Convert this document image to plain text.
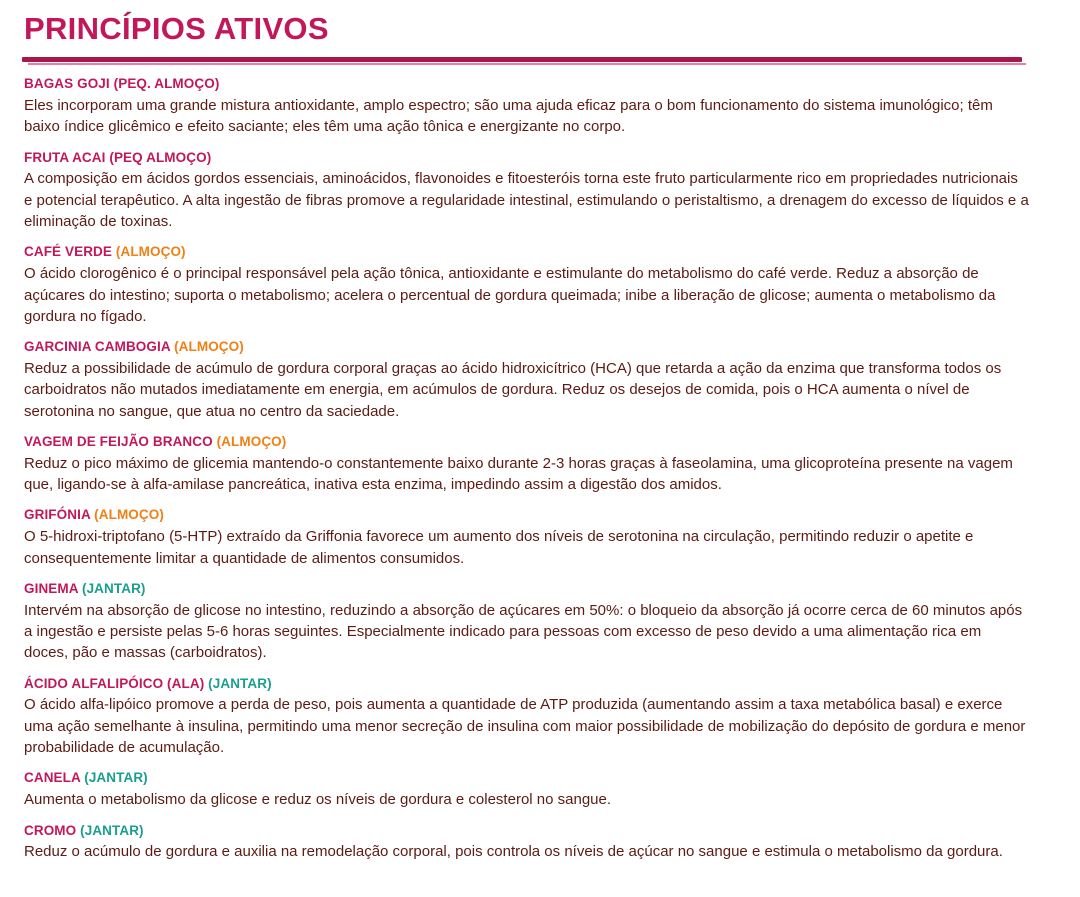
PRINCÍPIOS ATIVOS
BAGAS GOJI (PEQ. ALMOÇO)

Eles incorporam uma grande mistura antioxidante, amplo espectro; são uma ajuda eficaz para o bom funcionamento do sistema imunológico; têm baixo índice glicêmico e efeito saciante; eles têm uma ação tônica e energizante no corpo.

FRUTA ACAI (PEQ ALMOÇO)

A composição em ácidos gordos essenciais, aminoácidos, flavonoides e fitoesteróis torna este fruto particularmente rico em propriedades nutricionais e potencial terapêutico. A alta ingestão de fibras promove a regularidade intestinal, estimulando o peristaltismo, a drenagem do excesso de líquidos e a eliminação de toxinas.

CAFÉ VERDE (ALMOÇO)

O ácido clorogênico é o principal responsável pela ação tônica, antioxidante e estimulante do metabolismo do café verde. Reduz a absorção de açúcares do intestino; suporta o metabolismo; acelera o percentual de gordura queimada; inibe a liberação de glicose; aumenta o metabolismo da gordura no fígado.

GARCINIA CAMBOGIA (ALMOÇO)

Reduz a possibilidade de acúmulo de gordura corporal graças ao ácido hidroxicítrico (HCA) que retarda a ação da enzima que transforma todos os carboidratos não mutados imediatamente em energia, em acúmulos de gordura. Reduz os desejos de comida, pois o HCA aumenta o nível de serotonina no sangue, que atua no centro da saciedade.

VAGEM DE FEIJÃO BRANCO (ALMOÇO)

Reduz o pico máximo de glicemia mantendo-o constantemente baixo durante 2-3 horas graças à faseolamina, uma glicoproteína presente na vagem que, ligando-se à alfa-amilase pancreática, inativa esta enzima, impedindo assim a digestão dos amidos.

GRIFÓNIA (ALMOÇO)

O 5-hidroxi-triptofano (5-HTP) extraído da Griffonia favorece um aumento dos níveis de serotonina na circulação, permitindo reduzir o apetite e consequentemente limitar a quantidade de alimentos consumidos.

GINEMA (JANTAR)

Intervém na absorção de glicose no intestino, reduzindo a absorção de açúcares em 50%: o bloqueio da absorção já ocorre cerca de 60 minutos após a ingestão e persiste pelas 5-6 horas seguintes. Especialmente indicado para pessoas com excesso de peso devido a uma alimentação rica em doces, pão e massas (carboidratos).

ÁCIDO ALFALIPÓICO (ALA) (JANTAR)

O ácido alfa-lipóico promove a perda de peso, pois aumenta a quantidade de ATP produzida (aumentando assim a taxa metabólica basal) e exerce uma ação semelhante à insulina, permitindo uma menor secreção de insulina com maior possibilidade de mobilização do depósito de gordura e menor probabilidade de acumulação.

CANELA (JANTAR)

Aumenta o metabolismo da glicose e reduz os níveis de gordura e colesterol no sangue.

CROMO (JANTAR)

Reduz o acúmulo de gordura e auxilia na remodelação corporal, pois controla os níveis de açúcar no sangue e estimula o metabolismo da gordura.
